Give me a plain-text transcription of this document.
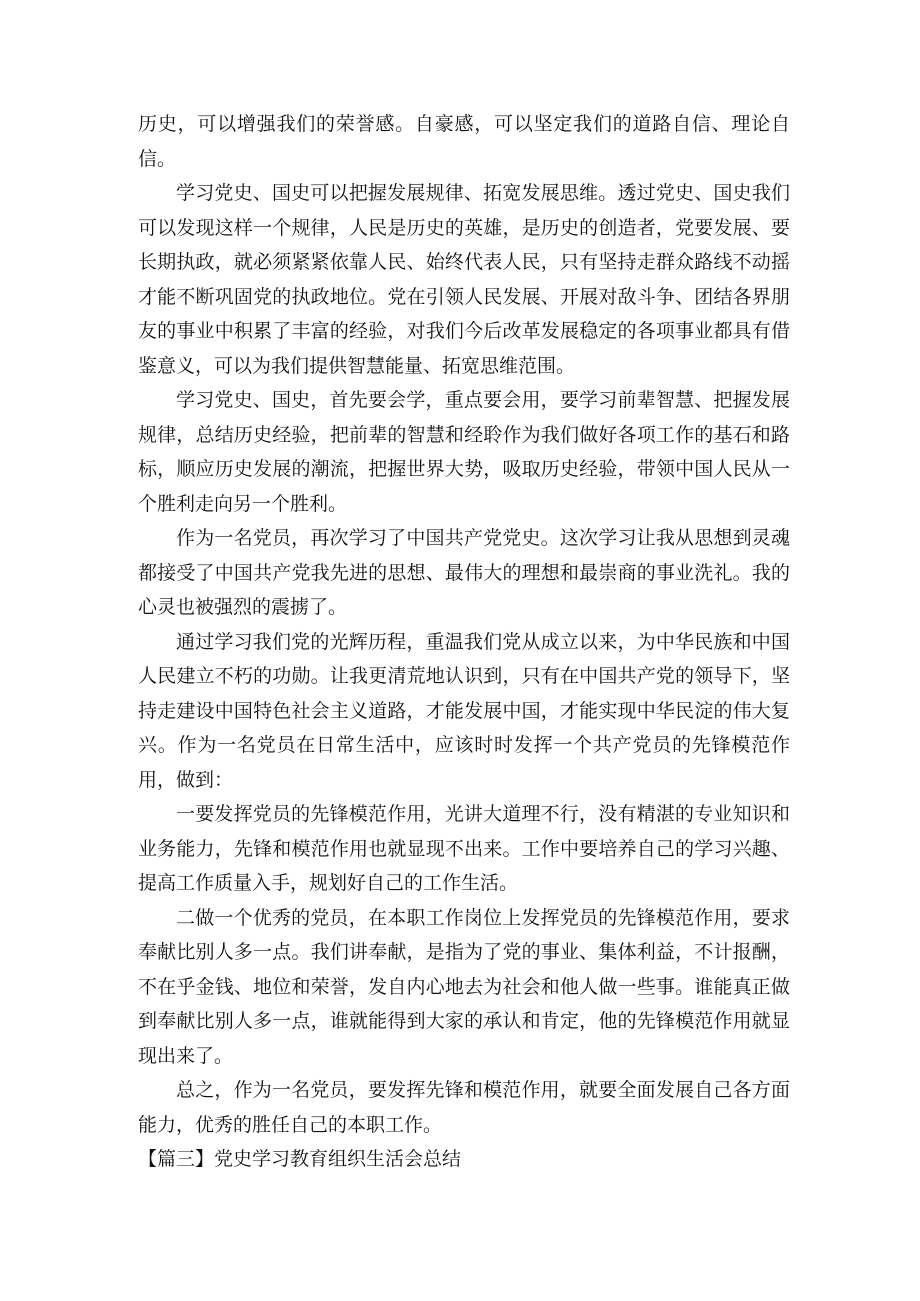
历史，可以增强我们的荣誉感。自豪感，可以坚定我们的道路自信、理论自信。

学习党史、国史可以把握发展规律、拓宽发展思维。透过党史、国史我们可以发现这样一个规律，人民是历史的英雄，是历史的创造者，党要发展、要长期执政，就必须紧紧依靠人民、始终代表人民，只有坚持走群众路线不动摇才能不断巩固党的执政地位。党在引领人民发展、开展对敌斗争、团结各界朋友的事业中积累了丰富的经验，对我们今后改革发展稳定的各项事业都具有借鉴意义，可以为我们提供智慧能量、拓宽思维范围。

学习党史、国史，首先要会学，重点要会用，要学习前辈智慧、把握发展规律，总结历史经验，把前辈的智慧和经聆作为我们做好各项工作的基石和路标，顺应历史发展的潮流，把握世界大势，吸取历史经验，带领中国人民从一个胜利走向另一个胜利。

作为一名党员，再次学习了中国共产党党史。这次学习让我从思想到灵魂都接受了中国共产党我先进的思想、最伟大的理想和最崇商的事业洗礼。我的心灵也被强烈的震掳了。

通过学习我们党的光辉历程，重温我们党从成立以来，为中华民族和中国人民建立不朽的功勋。让我更清荒地认识到，只有在中国共产党的领导下，坚持走建设中国特色社会主义道路，才能发展中国，才能实现中华民淀的伟大复兴。作为一名党员在日常生活中，应该时时发挥一个共产党员的先锋模范作用，做到：

一要发挥党员的先锋模范作用，光讲大道理不行，没有精湛的专业知识和业务能力，先锋和模范作用也就显现不出来。工作中要培养自己的学习兴趣、提高工作质量入手，规划好自己的工作生活。

二做一个优秀的党员，在本职工作岗位上发挥党员的先锋模范作用，要求奉献比别人多一点。我们讲奉献，是指为了党的事业、集体利益，不计报酬，不在乎金钱、地位和荣誉，发自内心地去为社会和他人做一些事。谁能真正做到奉献比别人多一点，谁就能得到大家的承认和肯定，他的先锋模范作用就显现出来了。

总之，作为一名党员，要发挥先锋和模范作用，就要全面发展自己各方面能力，优秀的胜任自己的本职工作。

【篇三】党史学习教育组织生活会总结
